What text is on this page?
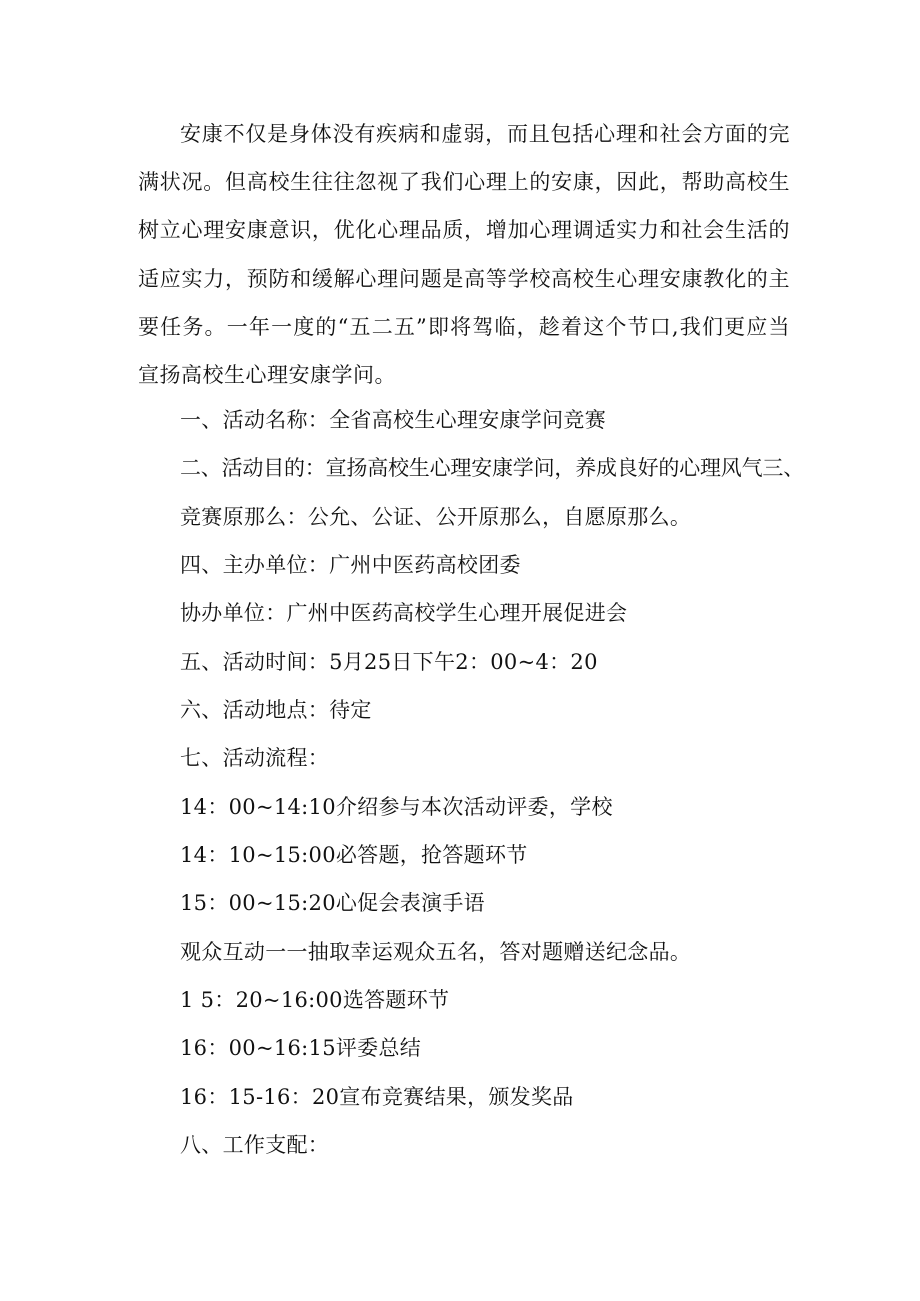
安康不仅是身体没有疾病和虚弱，而且包括心理和社会方面的完满状况。但高校生往往忽视了我们心理上的安康，因此，帮助高校生树立心理安康意识，优化心理品质，增加心理调适实力和社会生活的适应实力，预防和缓解心理问题是高等学校高校生心理安康教化的主要任务。一年一度的“五二五”即将驾临，趁着这个节口,我们更应当宣扬高校生心理安康学问。

一、活动名称：全省高校生心理安康学问竞赛

二、活动目的：宣扬高校生心理安康学问，养成良好的心理风气三、

竞赛原那么：公允、公证、公开原那么，自愿原那么。

四、主办单位：广州中医药高校团委

协办单位：广州中医药高校学生心理开展促进会

五、活动时间：5月25日下午2：00~4：20

六、活动地点：待定

七、活动流程：

14：00~14:10介绍参与本次活动评委，学校

14：10~15:00必答题，抢答题环节

15：00~15:20心促会表演手语

观众互动一一抽取幸运观众五名，答对题赠送纪念品。

1 5：20~16:00选答题环节

16：00~16:15评委总结

16：15-16：20宣布竞赛结果，颁发奖品

八、工作支配：
